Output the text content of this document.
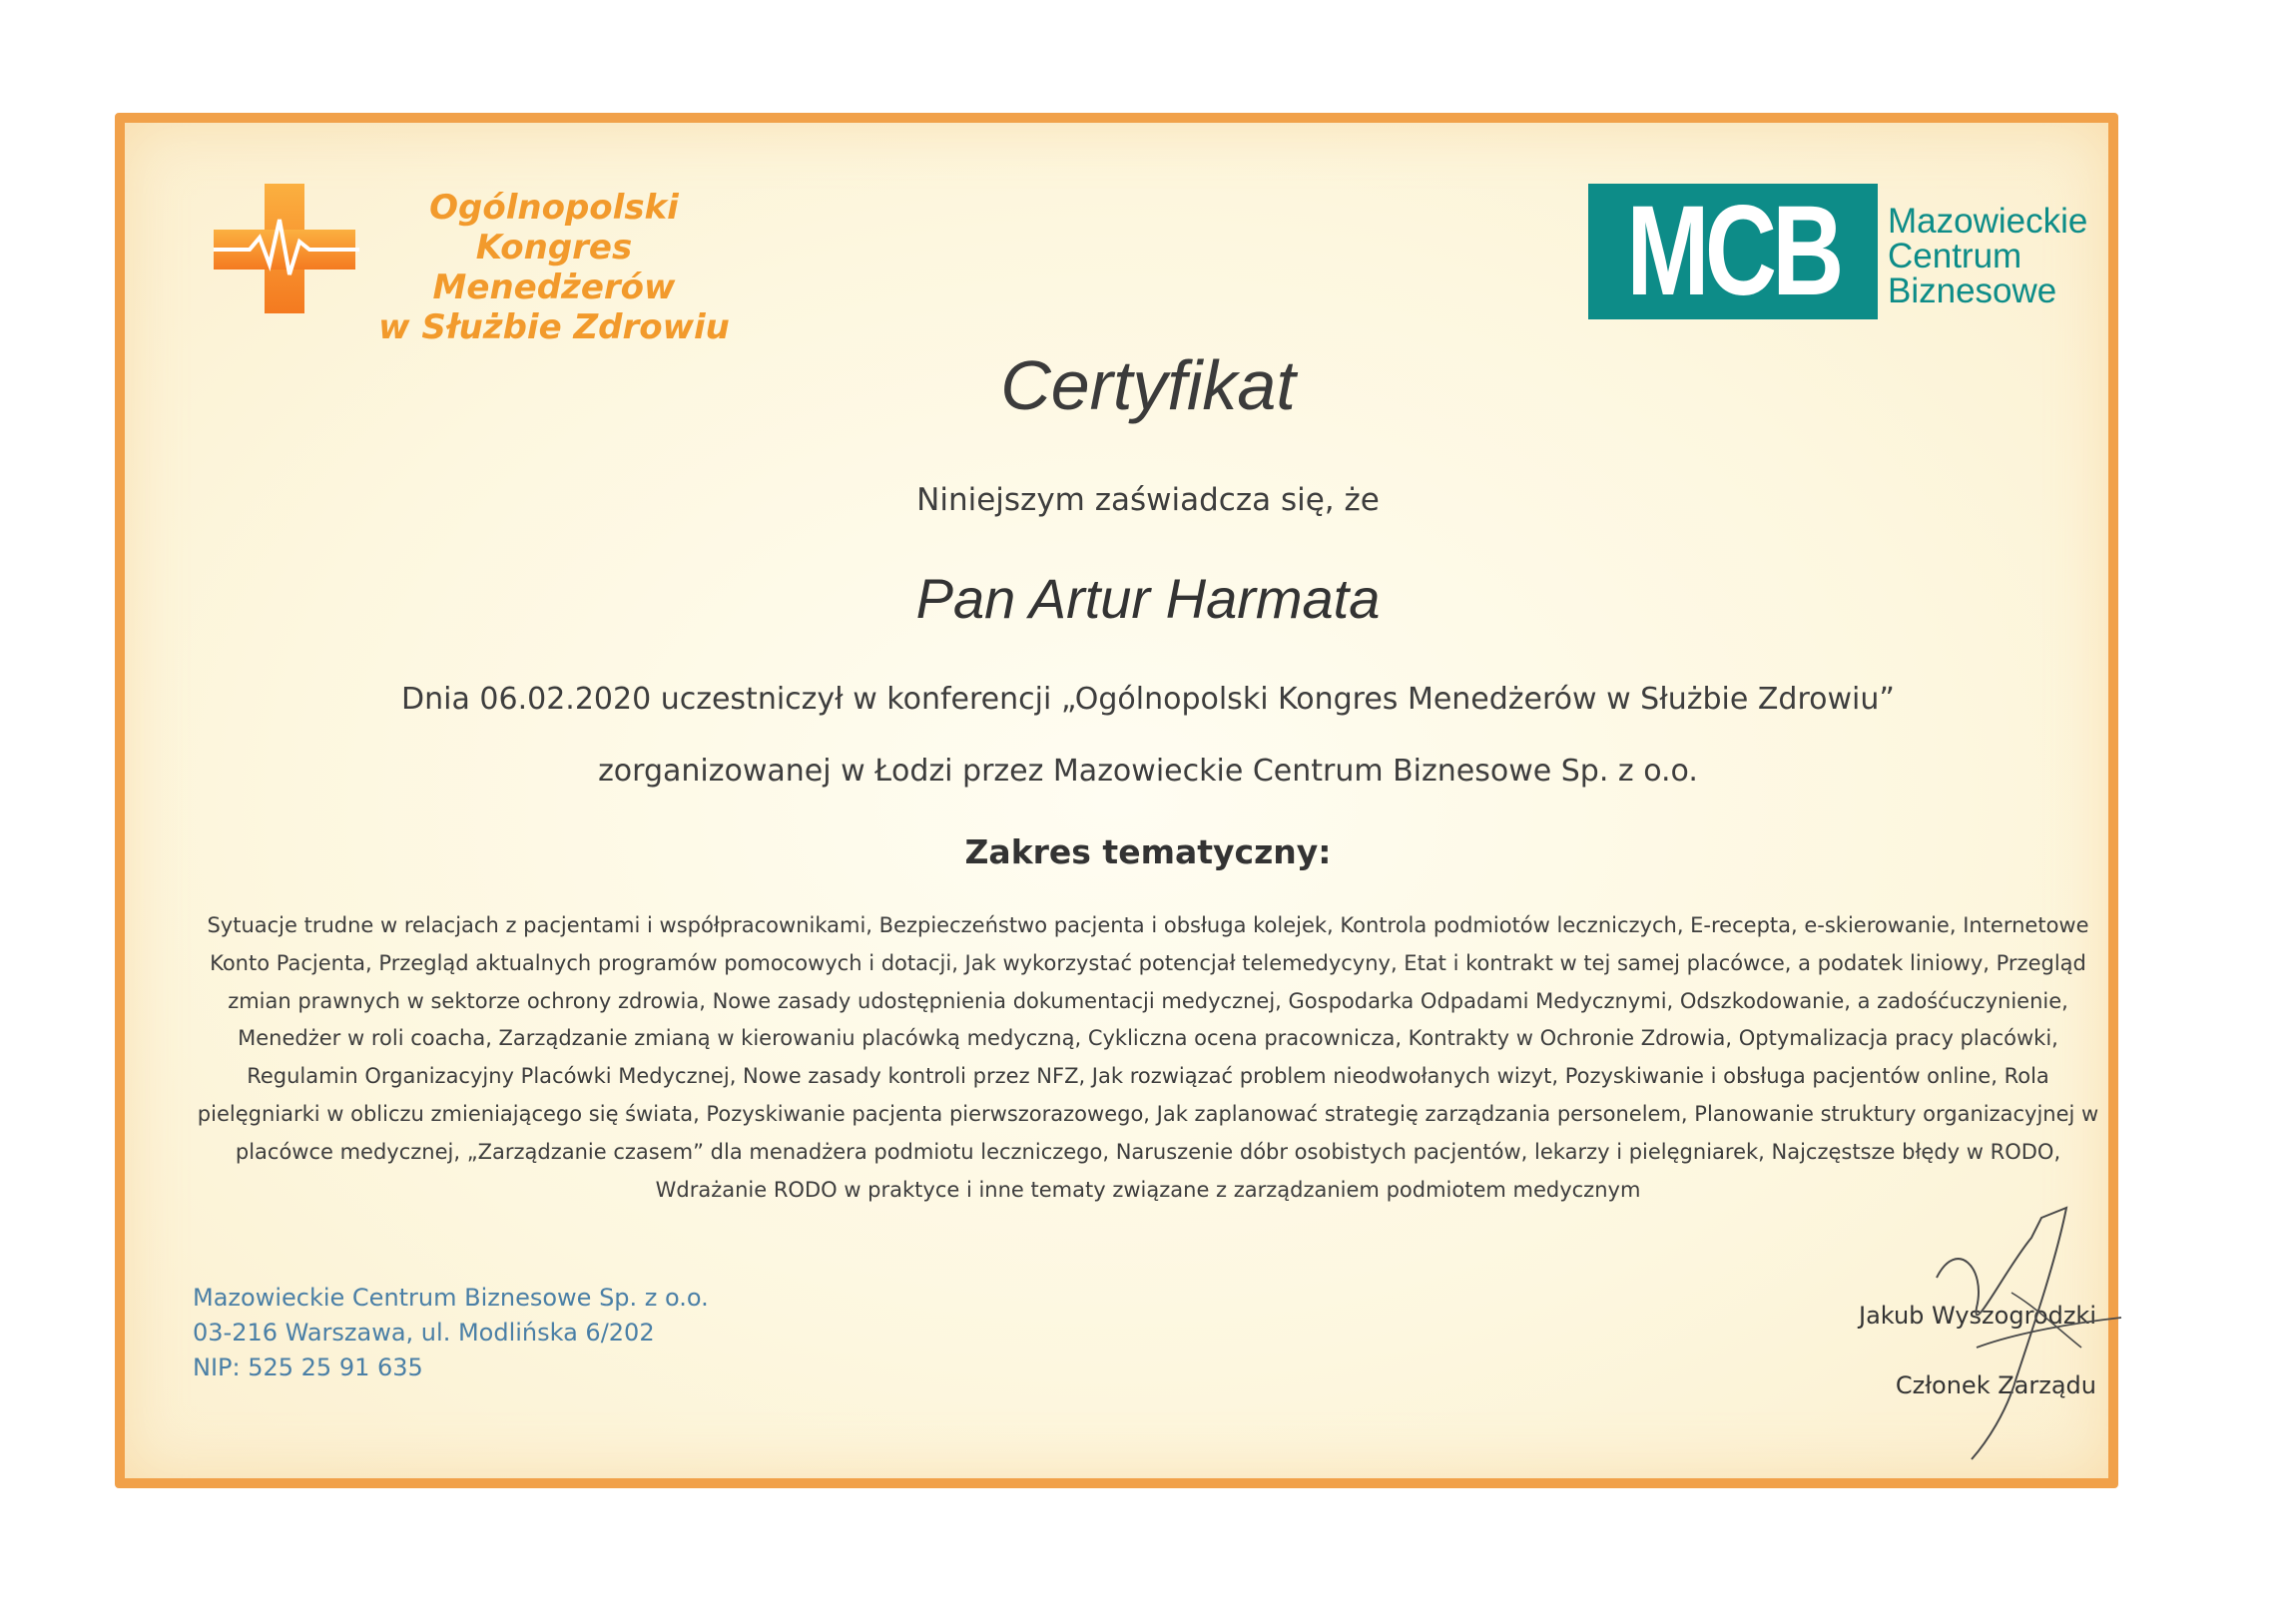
Ogólnopolski
Kongres Menedżerów
w Służbie Zdrowiu
MCB Mazowieckie
Centrum
Biznesowe
Certyfikat
Niniejszym zaświadcza się, że
Pan Artur Harmata
Dnia 06.02.2020 uczestniczył w konferencji „Ogólnopolski Kongres Menedżerów w Służbie Zdrowiu”
zorganizowanej w Łodzi przez Mazowieckie Centrum Biznesowe Sp. z o.o.
Zakres tematyczny:
Sytuacje trudne w relacjach z pacjentami i współpracownikami, Bezpieczeństwo pacjenta i obsługa kolejek, Kontrola podmiotów leczniczych, E-recepta, e-skierowanie, Internetowe Konto Pacjenta, Przegląd aktualnych programów pomocowych i dotacji, Jak wykorzystać potencjał telemedycyny, Etat i kontrakt w tej samej placówce, a podatek liniowy, Przegląd zmian prawnych w sektorze ochrony zdrowia, Nowe zasady udostępnienia dokumentacji medycznej, Gospodarka Odpadami Medycznymi, Odszkodowanie, a zadośćuczynienie, Menedżer w roli coacha, Zarządzanie zmianą w kierowaniu placówką medyczną, Cykliczna ocena pracownicza, Kontrakty w Ochronie Zdrowia, Optymalizacja pracy placówki, Regulamin Organizacyjny Placówki Medycznej, Nowe zasady kontroli przez NFZ, Jak rozwiązać problem nieodwołanych wizyt, Pozyskiwanie i obsługa pacjentów online, Rola pielęgniarki w obliczu zmieniającego się świata, Pozyskiwanie pacjenta pierwszorazowego, Jak zaplanować strategię zarządzania personelem, Planowanie struktury organizacyjnej w placówce medycznej, „Zarządzanie czasem” dla menadżera podmiotu leczniczego, Naruszenie dóbr osobistych pacjentów, lekarzy i pielęgniarek, Najczęstsze błędy w RODO, Wdrażanie RODO w praktyce i inne tematy związane z zarządzaniem podmiotem medycznym
Mazowieckie Centrum Biznesowe Sp. z o.o.
03-216 Warszawa, ul. Modlińska 6/202
NIP: 525 25 91 635
Jakub Wyszogrodzki
Członek Zarządu
